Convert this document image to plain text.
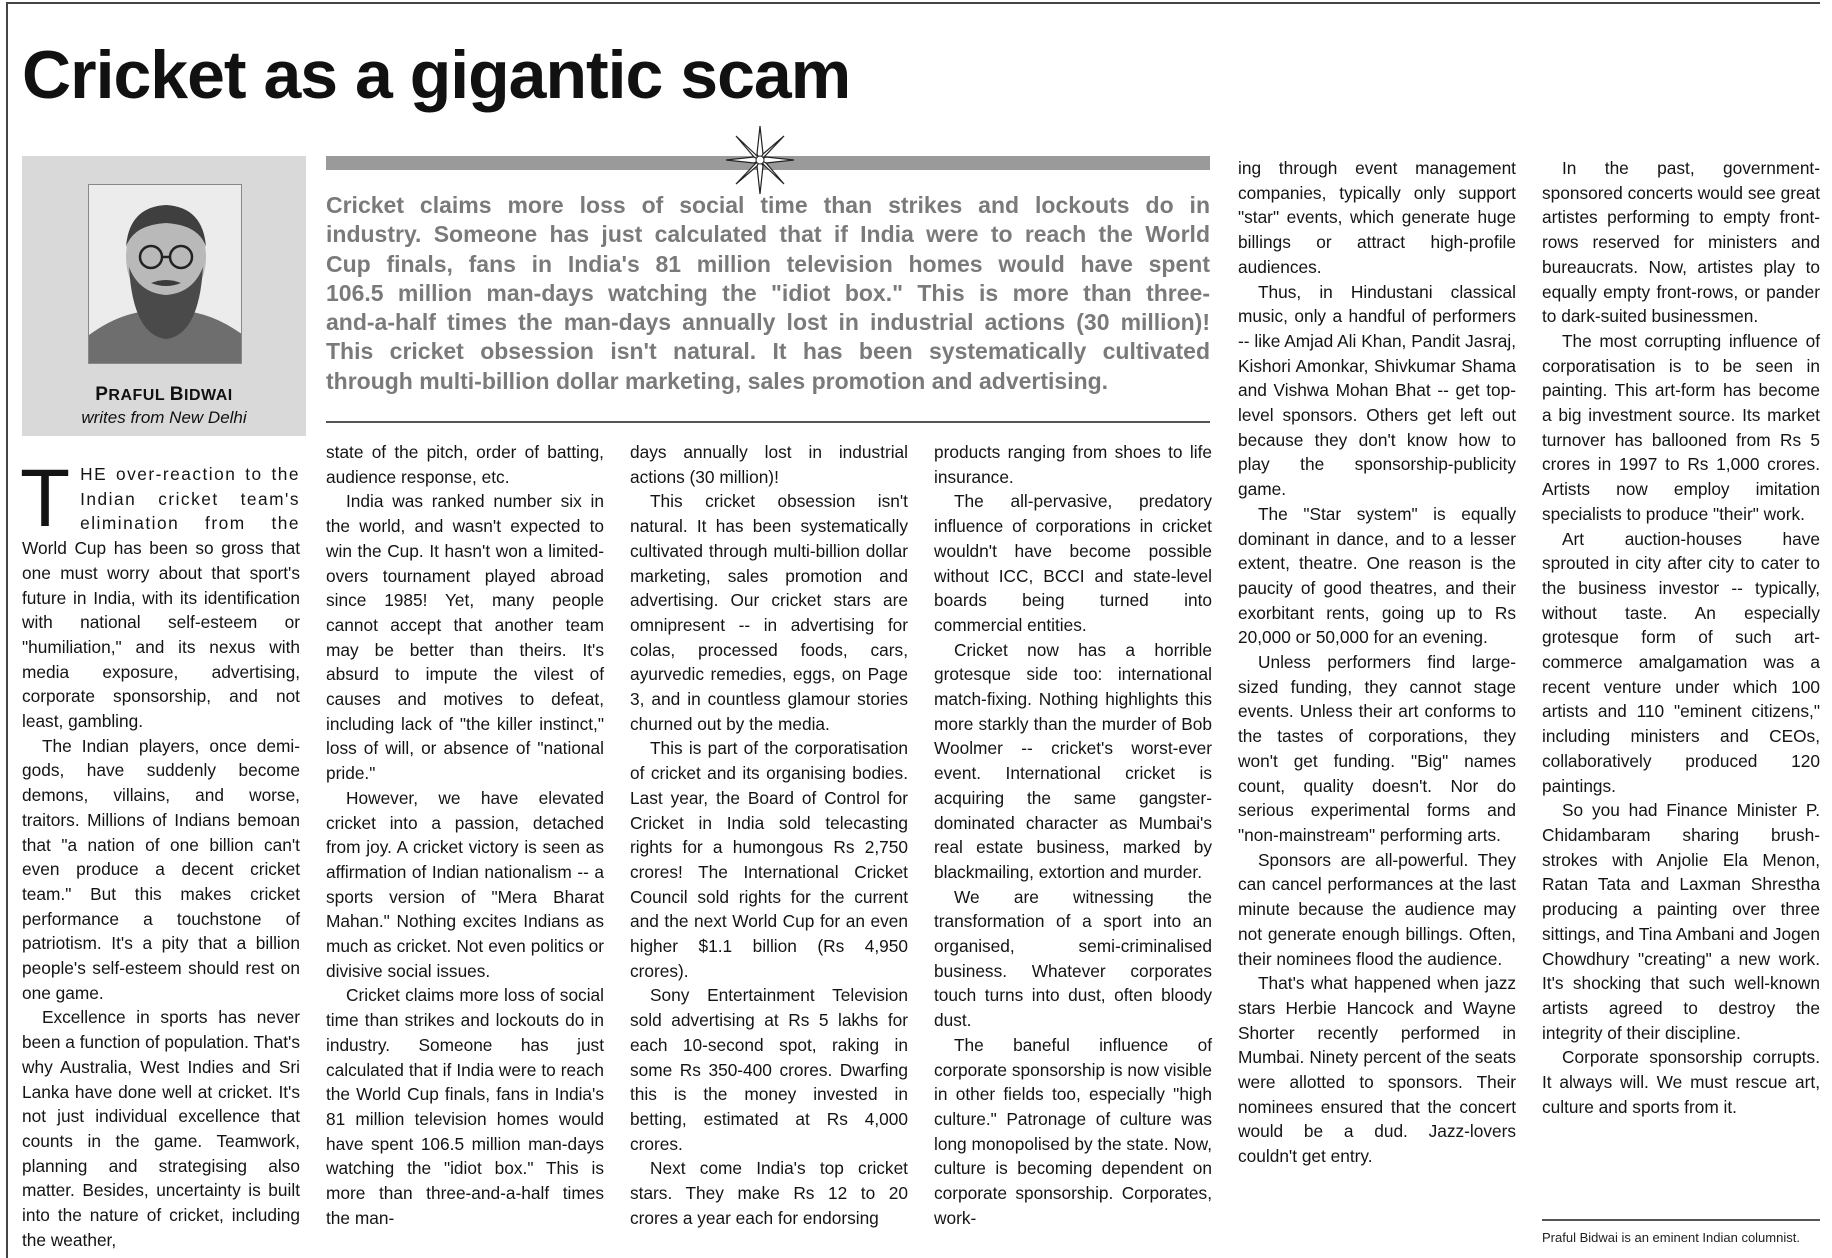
Cricket as a gigantic scam
PRAFUL BIDWAI
writes from New Delhi
Cricket claims more loss of social time than strikes and lockouts do in
industry. Someone has just calculated that if India were to reach the World
Cup finals, fans in India's 81 million television homes would have spent
106.5 million man-days watching the "idiot box." This is more than three-
and-a-half times the man-days annually lost in industrial actions (30 million)!
This cricket obsession isn't natural. It has been systematically cultivated
through multi-billion dollar marketing, sales promotion and advertising.

T HE over-reaction to the
Indian cricket team's
elimination from the
World Cup has been so gross that one must worry about that sport's future in India, with its identification with national self-esteem or "humiliation," and its nexus with media exposure, advertising, corporate sponsorship, and not least, gambling.

The Indian players, once demi-gods, have suddenly become demons, villains, and worse, traitors. Millions of Indians bemoan that "a nation of one billion can't even produce a decent cricket team." But this makes cricket performance a touchstone of patriotism. It's a pity that a billion people's self-esteem should rest on one game.

Excellence in sports has never been a function of population. That's why Australia, West Indies and Sri Lanka have done well at cricket. It's not just individual excellence that counts in the game. Teamwork, planning and strategising also matter. Besides, uncertainty is built into the nature of cricket, including the weather,

state of the pitch, order of batting, audience response, etc.

India was ranked number six in the world, and wasn't expected to win the Cup. It hasn't won a limited-overs tournament played abroad since 1985! Yet, many people cannot accept that another team may be better than theirs. It's absurd to impute the vilest of causes and motives to defeat, including lack of "the killer instinct," loss of will, or absence of "national pride."

However, we have elevated cricket into a passion, detached from joy. A cricket victory is seen as affirmation of Indian nationalism -- a sports version of "Mera Bharat Mahan." Nothing excites Indians as much as cricket. Not even politics or divisive social issues.

Cricket claims more loss of social time than strikes and lockouts do in industry. Someone has just calculated that if India were to reach the World Cup finals, fans in India's 81 million television homes would have spent 106.5 million man-days watching the "idiot box." This is more than three-and-a-half times the man-

days annually lost in industrial actions (30 million)!

This cricket obsession isn't natural. It has been systematically cultivated through multi-billion dollar marketing, sales promotion and advertising. Our cricket stars are omnipresent -- in advertising for colas, processed foods, cars, ayurvedic remedies, eggs, on Page 3, and in countless glamour stories churned out by the media.

This is part of the corporatisation of cricket and its organising bodies. Last year, the Board of Control for Cricket in India sold telecasting rights for a humongous Rs 2,750 crores! The International Cricket Council sold rights for the current and the next World Cup for an even higher $1.1 billion (Rs 4,950 crores).

Sony Entertainment Television sold advertising at Rs 5 lakhs for each 10-second spot, raking in some Rs 350-400 crores. Dwarfing this is the money invested in betting, estimated at Rs 4,000 crores.

Next come India's top cricket stars. They make Rs 12 to 20 crores a year each for endorsing

products ranging from shoes to life insurance.

The all-pervasive, predatory influence of corporations in cricket wouldn't have become possible without ICC, BCCI and state-level boards being turned into commercial entities.

Cricket now has a horrible grotesque side too: international match-fixing. Nothing highlights this more starkly than the murder of Bob Woolmer -- cricket's worst-ever event. International cricket is acquiring the same gangster-dominated character as Mumbai's real estate business, marked by blackmailing, extortion and murder.

We are witnessing the transformation of a sport into an organised, semi-criminalised business. Whatever corporates touch turns into dust, often bloody dust.

The baneful influence of corporate sponsorship is now visible in other fields too, especially "high culture." Patronage of culture was long monopolised by the state. Now, culture is becoming dependent on corporate sponsorship. Corporates, work-

ing through event management companies, typically only support "star" events, which generate huge billings or attract high-profile audiences.

Thus, in Hindustani classical music, only a handful of performers -- like Amjad Ali Khan, Pandit Jasraj, Kishori Amonkar, Shivkumar Shama and Vishwa Mohan Bhat -- get top-level sponsors. Others get left out because they don't know how to play the sponsorship-publicity game.

The "Star system" is equally dominant in dance, and to a lesser extent, theatre. One reason is the paucity of good theatres, and their exorbitant rents, going up to Rs 20,000 or 50,000 for an evening.

Unless performers find large-sized funding, they cannot stage events. Unless their art conforms to the tastes of corporations, they won't get funding. "Big" names count, quality doesn't. Nor do serious experimental forms and "non-mainstream" performing arts.

Sponsors are all-powerful. They can cancel performances at the last minute because the audience may not generate enough billings. Often, their nominees flood the audience.

That's what happened when jazz stars Herbie Hancock and Wayne Shorter recently performed in Mumbai. Ninety percent of the seats were allotted to sponsors. Their nominees ensured that the concert would be a dud. Jazz-lovers couldn't get entry.

In the past, government-sponsored concerts would see great artistes performing to empty front-rows reserved for ministers and bureaucrats. Now, artistes play to equally empty front-rows, or pander to dark-suited businessmen.

The most corrupting influence of corporatisation is to be seen in painting. This art-form has become a big investment source. Its market turnover has ballooned from Rs 5 crores in 1997 to Rs 1,000 crores. Artists now employ imitation specialists to produce "their" work.

Art auction-houses have sprouted in city after city to cater to the business investor -- typically, without taste. An especially grotesque form of such art-commerce amalgamation was a recent venture under which 100 artists and 110 "eminent citizens," including ministers and CEOs, collaboratively produced 120 paintings.

So you had Finance Minister P. Chidambaram sharing brush-strokes with Anjolie Ela Menon, Ratan Tata and Laxman Shrestha producing a painting over three sittings, and Tina Ambani and Jogen Chowdhury "creating" a new work. It's shocking that such well-known artists agreed to destroy the integrity of their discipline.

Corporate sponsorship corrupts. It always will. We must rescue art, culture and sports from it.

Praful Bidwai is an eminent Indian columnist.
